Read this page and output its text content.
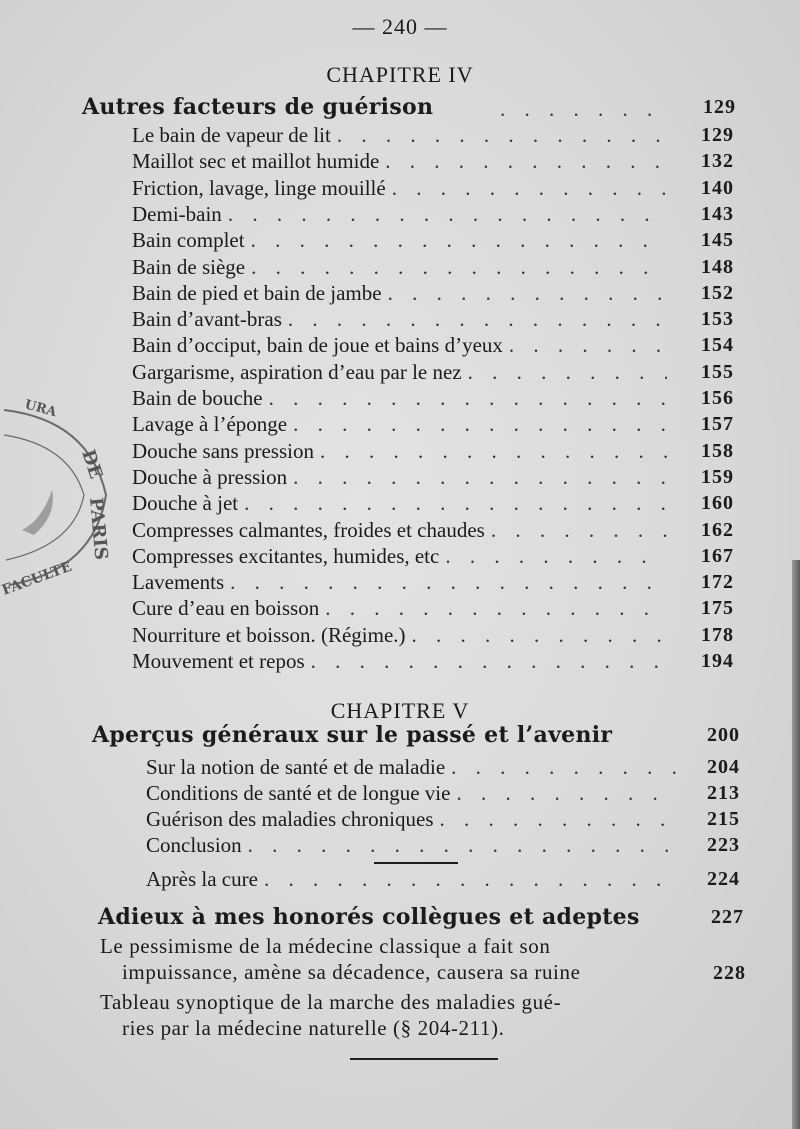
DE
PARIS
FACULTE
URA
— 240 —
CHAPITRE IV
Autres facteurs de guérison . . .	129
Le bain de vapeur de lit . . .	129
Maillot sec et maillot humide . . .	132
Friction, lavage, linge mouillé . . .	140
Demi-bain . . .	143
Bain complet . . .	145
Bain de siège . . .	148
Bain de pied et bain de jambe . . .	152
Bain d’avant-bras . . .	153
Bain d’occiput, bain de joue et bains d’yeux . . .	154
Gargarisme, aspiration d’eau par le nez . . .	155
Bain de bouche . . .	156
Lavage à l’éponge . . .	157
Douche sans pression . . .	158
Douche à pression . . .	159
Douche à jet . . .	160
Compresses calmantes, froides et chaudes . . .	162
Compresses excitantes, humides, etc . . .	167
Lavements . . .	172
Cure d’eau en boisson . . .	175
Nourriture et boisson. (Régime.) . . .	178
Mouvement et repos . . .	194
CHAPITRE V
Aperçus généraux sur le passé et l’avenir	200
Sur la notion de santé et de maladie . . .	204
Conditions de santé et de longue vie . . .	213
Guérison des maladies chroniques . . .	215
Conclusion . . .	223
Après la cure . . .	224
Adieux à mes honorés collègues et adeptes	227
Le pessimisme de la médecine classique a fait son
impuissance, amène sa décadence, causera sa ruine	228
Tableau synoptique de la marche des maladies gué-
ries par la médecine naturelle (§ 204-211).
